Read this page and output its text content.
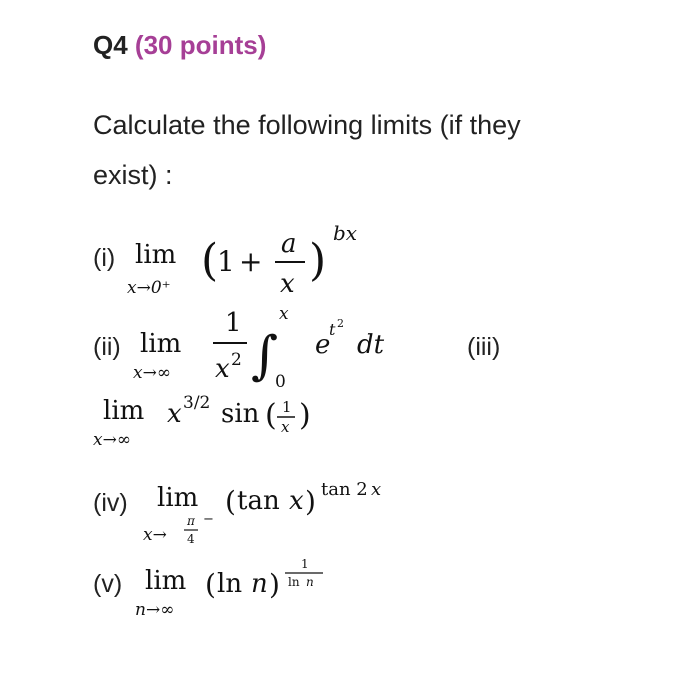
Q4 (30 points)
Calculate the following limits (if they
exist) :
(i) lim
x→0⁺
(
1 +
a
x )
bx
(ii) lim
x→∞
1
x 2 ∫
x
0
e
t 2
dt	(iii)
lim
x→∞
x 3/2 sin ( 1
x )
(iv) lim
x→
π
4
−
( tan x ) tan 2 x
(v) lim
n→∞
( ln n )
1
ln n
